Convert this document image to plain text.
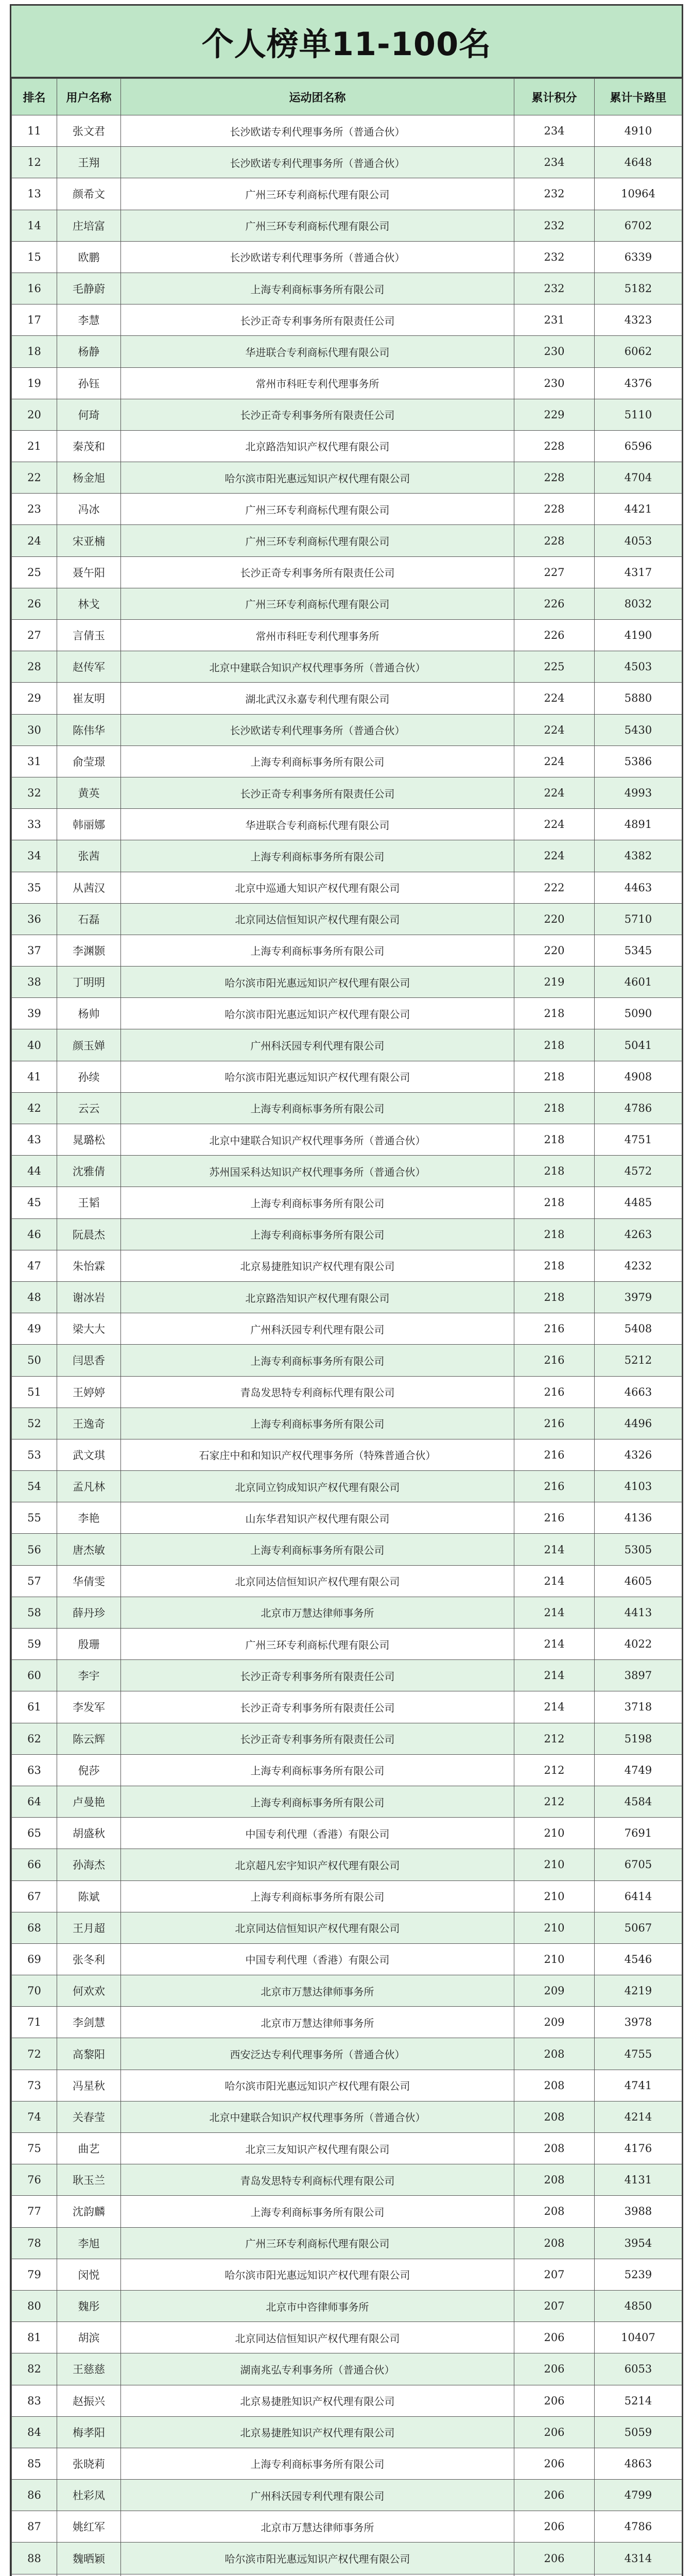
个人榜单11-100名
排名	用户名称	运动团名称	累计积分	累计卡路里
11	张文君	长沙欧诺专利代理事务所（普通合伙）	234	4910
12	王翔	长沙欧诺专利代理事务所（普通合伙）	234	4648
13	颜希文	广州三环专利商标代理有限公司	232	10964
14	庄培富	广州三环专利商标代理有限公司	232	6702
15	欧鹏	长沙欧诺专利代理事务所（普通合伙）	232	6339
16	毛静蔚	上海专利商标事务所有限公司	232	5182
17	李慧	长沙正奇专利事务所有限责任公司	231	4323
18	杨静	华进联合专利商标代理有限公司	230	6062
19	孙钰	常州市科旺专利代理事务所	230	4376
20	何琦	长沙正奇专利事务所有限责任公司	229	5110
21	秦茂和	北京路浩知识产权代理有限公司	228	6596
22	杨金旭	哈尔滨市阳光惠远知识产权代理有限公司	228	4704
23	冯冰	广州三环专利商标代理有限公司	228	4421
24	宋亚楠	广州三环专利商标代理有限公司	228	4053
25	聂午阳	长沙正奇专利事务所有限责任公司	227	4317
26	林戈	广州三环专利商标代理有限公司	226	8032
27	言倩玉	常州市科旺专利代理事务所	226	4190
28	赵传军	北京中建联合知识产权代理事务所（普通合伙）	225	4503
29	崔友明	湖北武汉永嘉专利代理有限公司	224	5880
30	陈伟华	长沙欧诺专利代理事务所（普通合伙）	224	5430
31	俞莹璟	上海专利商标事务所有限公司	224	5386
32	黄英	长沙正奇专利事务所有限责任公司	224	4993
33	韩丽娜	华进联合专利商标代理有限公司	224	4891
34	张茜	上海专利商标事务所有限公司	224	4382
35	从茜汉	北京中巡通大知识产权代理有限公司	222	4463
36	石磊	北京同达信恒知识产权代理有限公司	220	5710
37	李渊颢	上海专利商标事务所有限公司	220	5345
38	丁明明	哈尔滨市阳光惠远知识产权代理有限公司	219	4601
39	杨帅	哈尔滨市阳光惠远知识产权代理有限公司	218	5090
40	颜玉婵	广州科沃园专利代理有限公司	218	5041
41	孙续	哈尔滨市阳光惠远知识产权代理有限公司	218	4908
42	云云	上海专利商标事务所有限公司	218	4786
43	晁璐松	北京中建联合知识产权代理事务所（普通合伙）	218	4751
44	沈雅倩	苏州国采科达知识产权代理事务所（普通合伙）	218	4572
45	王韬	上海专利商标事务所有限公司	218	4485
46	阮晨杰	上海专利商标事务所有限公司	218	4263
47	朱怡霖	北京易捷胜知识产权代理有限公司	218	4232
48	谢冰岩	北京路浩知识产权代理有限公司	218	3979
49	梁大大	广州科沃园专利代理有限公司	216	5408
50	闫思香	上海专利商标事务所有限公司	216	5212
51	王婷婷	青岛发思特专利商标代理有限公司	216	4663
52	王逸奇	上海专利商标事务所有限公司	216	4496
53	武文琪	石家庄中和和知识产权代理事务所（特殊普通合伙）	216	4326
54	孟凡林	北京同立钧成知识产权代理有限公司	216	4103
55	李艳	山东华君知识产权代理有限公司	216	4136
56	唐杰敏	上海专利商标事务所有限公司	214	5305
57	华倩雯	北京同达信恒知识产权代理有限公司	214	4605
58	薛丹珍	北京市万慧达律师事务所	214	4413
59	殷珊	广州三环专利商标代理有限公司	214	4022
60	李宇	长沙正奇专利事务所有限责任公司	214	3897
61	李发军	长沙正奇专利事务所有限责任公司	214	3718
62	陈云辉	长沙正奇专利事务所有限责任公司	212	5198
63	倪莎	上海专利商标事务所有限公司	212	4749
64	卢曼艳	上海专利商标事务所有限公司	212	4584
65	胡盛秋	中国专利代理（香港）有限公司	210	7691
66	孙海杰	北京超凡宏宇知识产权代理有限公司	210	6705
67	陈斌	上海专利商标事务所有限公司	210	6414
68	王月超	北京同达信恒知识产权代理有限公司	210	5067
69	张冬利	中国专利代理（香港）有限公司	210	4546
70	何欢欢	北京市万慧达律师事务所	209	4219
71	李剑慧	北京市万慧达律师事务所	209	3978
72	高黎阳	西安泛达专利代理事务所（普通合伙）	208	4755
73	冯星秋	哈尔滨市阳光惠远知识产权代理有限公司	208	4741
74	关春莹	北京中建联合知识产权代理事务所（普通合伙）	208	4214
75	曲艺	北京三友知识产权代理有限公司	208	4176
76	耿玉兰	青岛发思特专利商标代理有限公司	208	4131
77	沈韵麟	上海专利商标事务所有限公司	208	3988
78	李旭	广州三环专利商标代理有限公司	208	3954
79	闵悦	哈尔滨市阳光惠远知识产权代理有限公司	207	5239
80	魏彤	北京市中咨律师事务所	207	4850
81	胡滨	北京同达信恒知识产权代理有限公司	206	10407
82	王慈慈	湖南兆弘专利事务所（普通合伙）	206	6053
83	赵振兴	北京易捷胜知识产权代理有限公司	206	5214
84	梅孝阳	北京易捷胜知识产权代理有限公司	206	5059
85	张晓莉	上海专利商标事务所有限公司	206	4863
86	杜彩凤	广州科沃园专利代理有限公司	206	4799
87	姚红军	北京市万慧达律师事务所	206	4786
88	魏晒颖	哈尔滨市阳光惠远知识产权代理有限公司	206	4314
